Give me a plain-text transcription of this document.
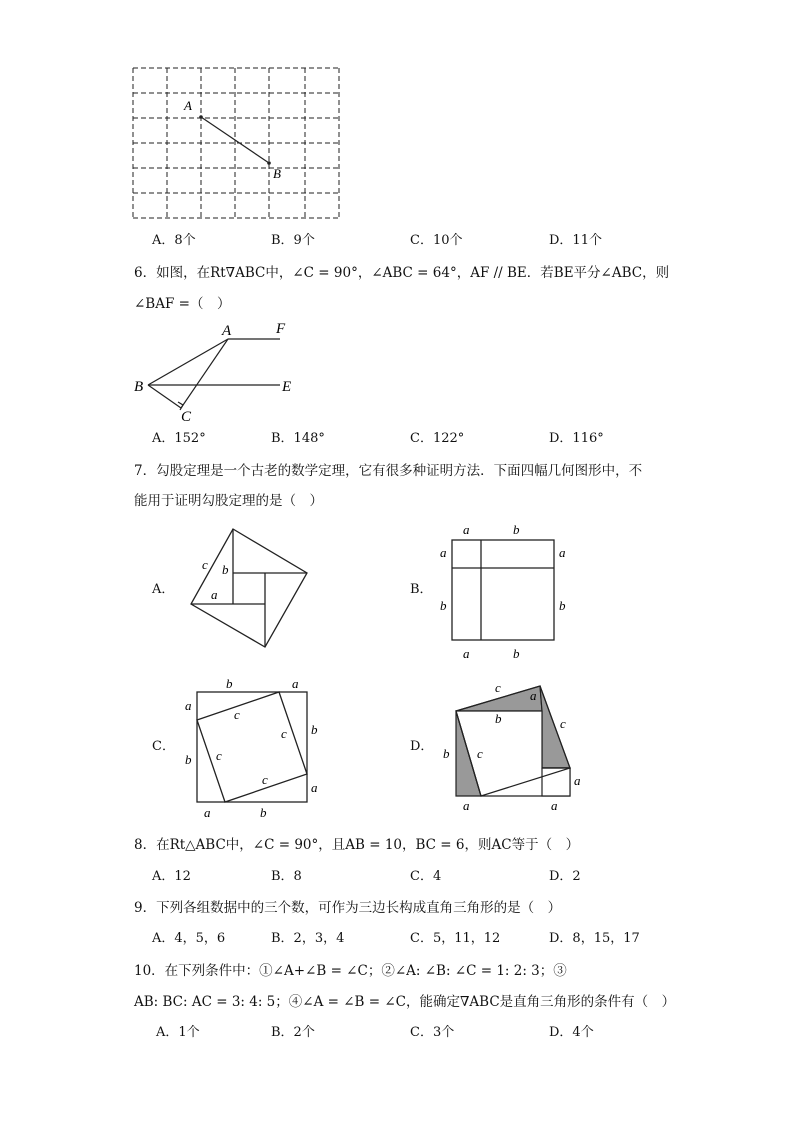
A
B
A．8个	B．9个	C．10个	D．11个
6．如图，在Rt∇ABC中，∠C = 90°，∠ABC = 64°，AF // BE．若BE平分∠ABC，则
∠BAF =（　）
A	F
B	E
C
A．152°	B．148°	C．122°	D．116°
7．勾股定理是一个古老的数学定理，它有很多种证明方法．下面四幅几何图形中，不
能用于证明勾股定理的是（　）
A．
c b
a	B．
a	b
a
b
a
b
a	b
C．
b	a
a
b
b
a
a	b
c
c
c
c
D．
c
a
b
c
b
c
a
a	a
8．在Rt△ABC中，∠C = 90°，且AB = 10，BC = 6，则AC等于（　）
A．12	B．8	C．4	D．2
9．下列各组数据中的三个数，可作为三边长构成直角三角形的是（　）
A．4，5，6	B．2，3，4	C．5，11，12	D．8，15，17
10．在下列条件中：①∠A+∠B = ∠C；②∠A: ∠B: ∠C = 1: 2: 3；③
AB: BC: AC = 3: 4: 5；④∠A = ∠B = ∠C，能确定∇ABC是直角三角形的条件有（　）
A．1个	B．2个	C．3个	D．4个
